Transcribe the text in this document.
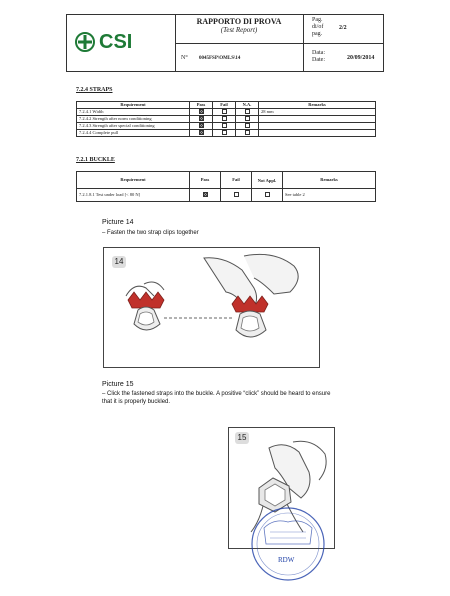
CSI
RAPPORTO DI PROVA
(Test Report)
N° 0045FSP\OMLS\14
Pag.
di/of
pag.
2/2
Data:
Date:	20/09/2014
7.2.4 STRAPS
Requirement	Pass	Fail	N.A.	Remarks
7.2.4.1 Width				28 mm
7.2.4.2 Strength after norm conditioning				
7.2.4.3 Strength after special conditioning				
7.2.4.4 Complete pull				
7.2.1 BUCKLE
Requirement	Pass	Fail	Not Appl.	Remarks
7.2.1.8.1 Test under load [< 80 N]				See table 2
Picture 14
– Fasten the two strap clips together
14
Picture 15
– Click the fastened straps into the buckle. A positive “click” should be heard to ensure that it is properly buckled.
15
RDW
